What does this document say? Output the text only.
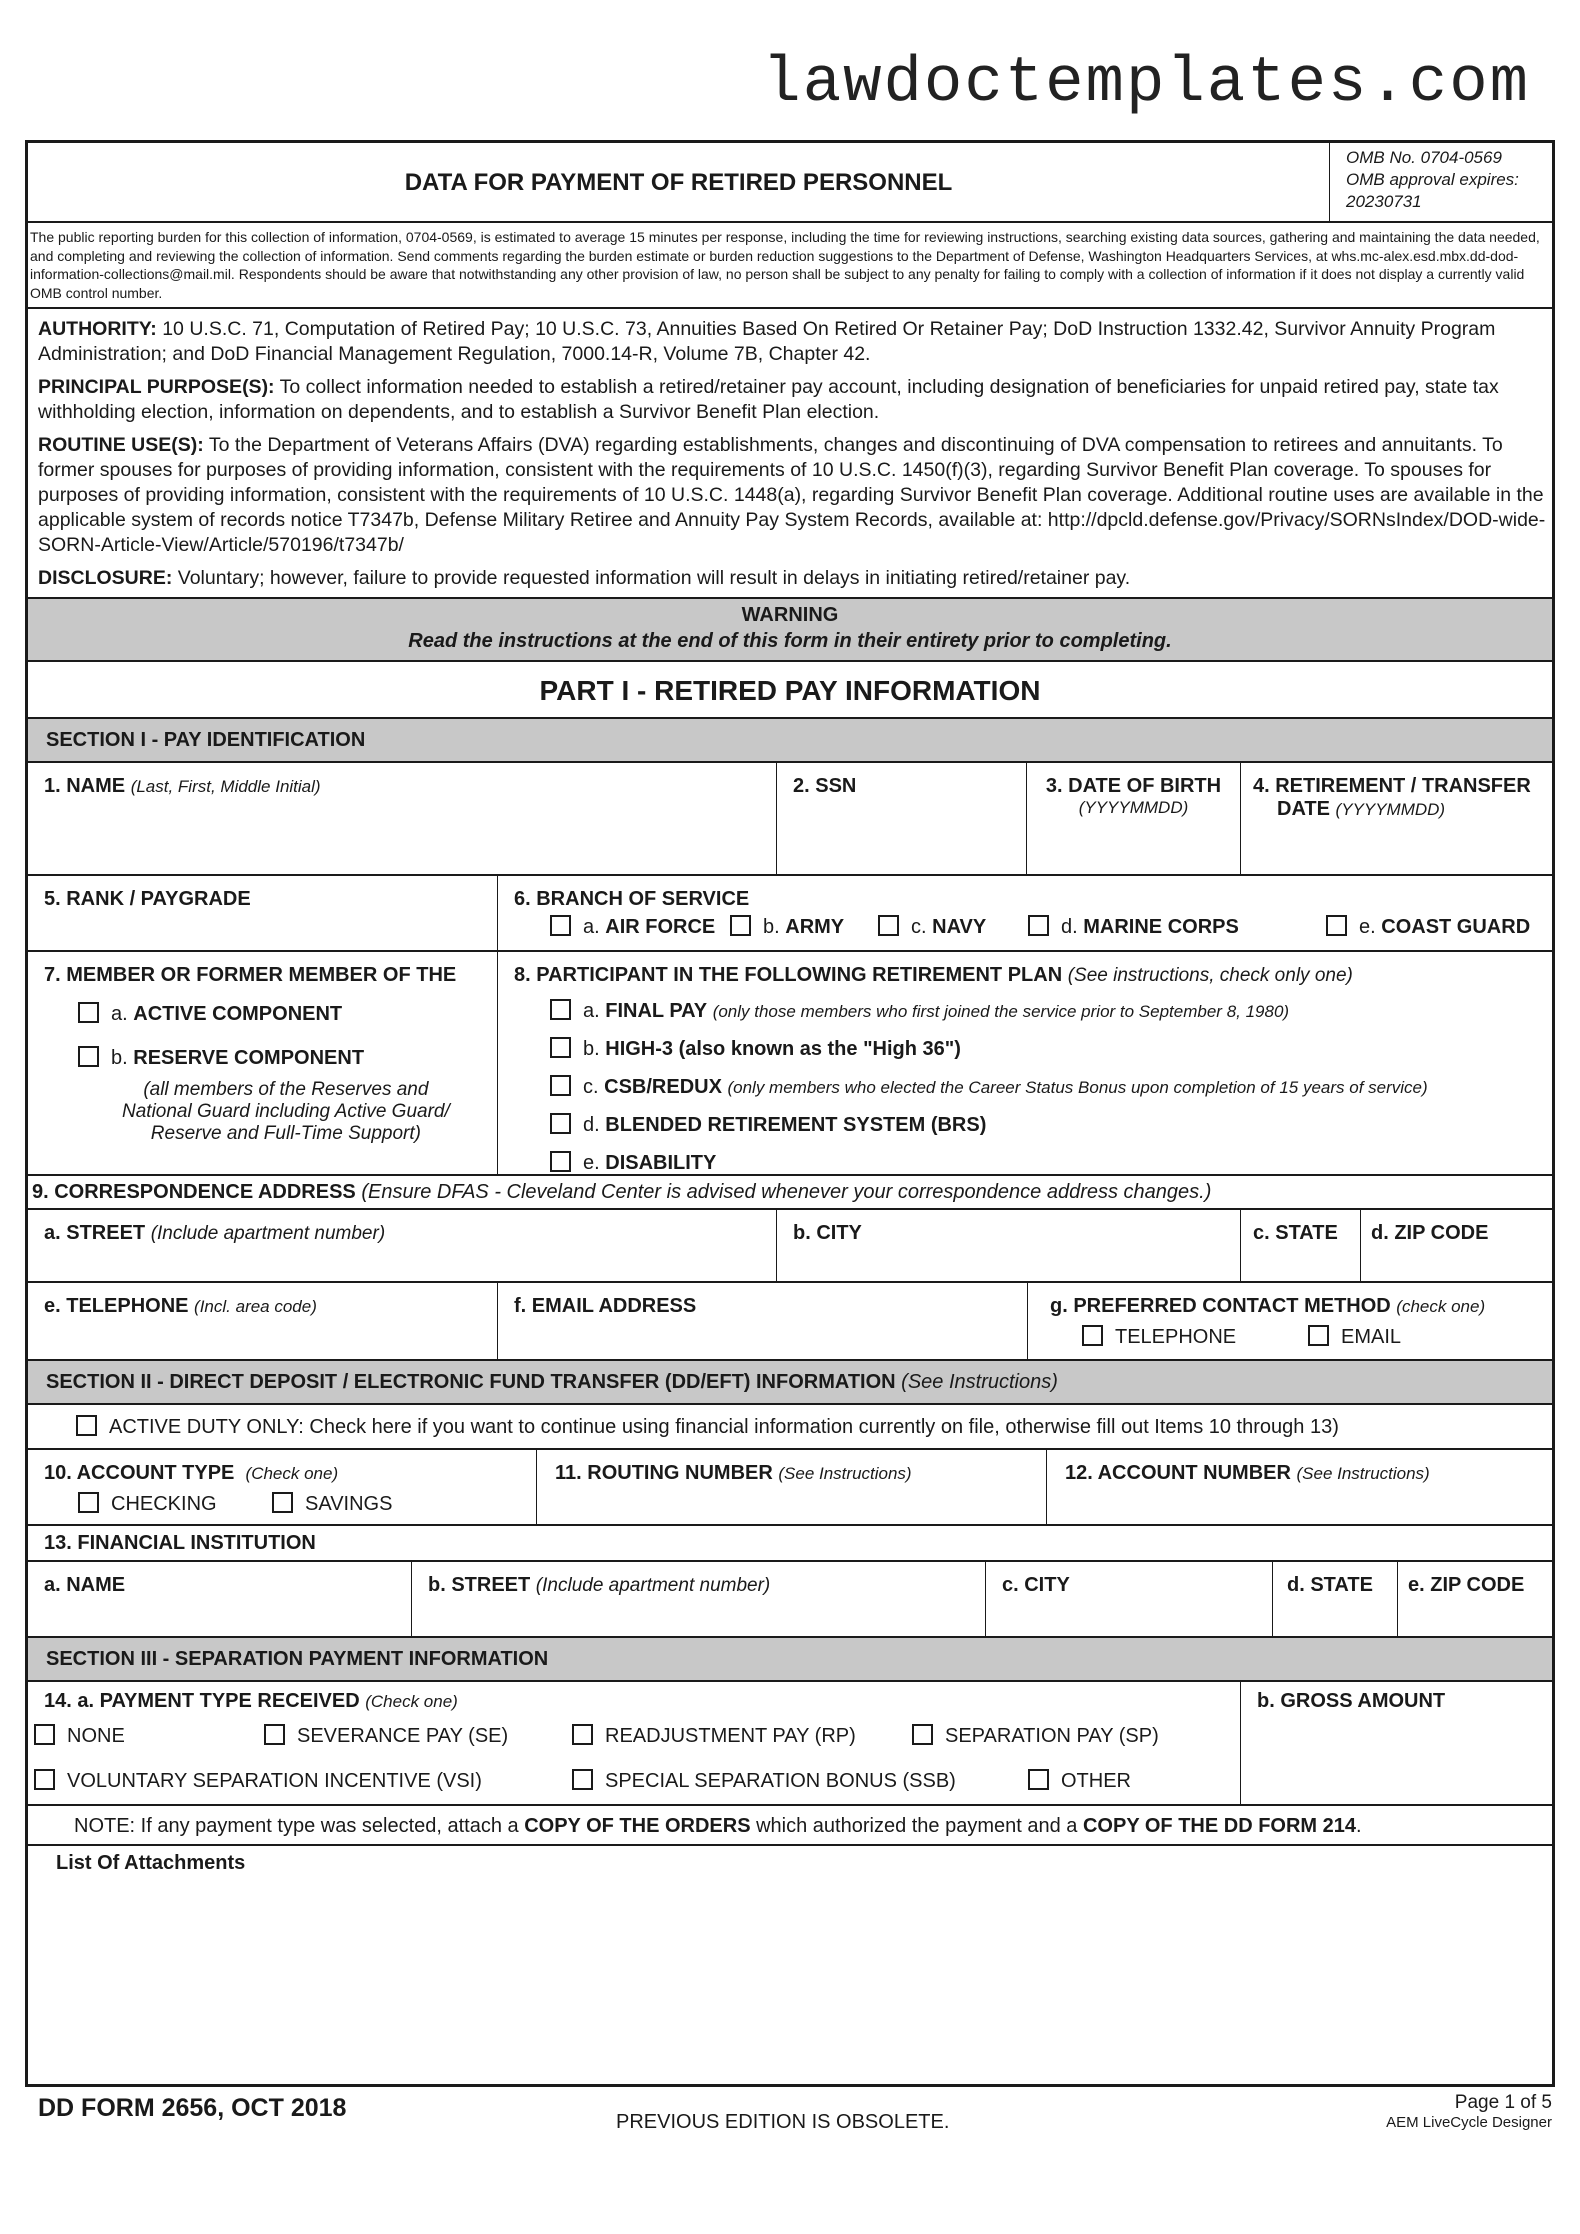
lawdoctemplates.com
DATA FOR PAYMENT OF RETIRED PERSONNEL
OMB No. 0704-0569
OMB approval expires:
20230731
The public reporting burden for this collection of information, 0704-0569, is estimated to average 15 minutes per response, including the time for reviewing instructions, searching existing data sources, gathering and maintaining the data needed, and completing and reviewing the collection of information. Send comments regarding the burden estimate or burden reduction suggestions to the Department of Defense, Washington Headquarters Services, at whs.mc-alex.esd.mbx.dd-dod-information-collections@mail.mil. Respondents should be aware that notwithstanding any other provision of law, no person shall be subject to any penalty for failing to comply with a collection of information if it does not display a currently valid OMB control number.

AUTHORITY: 10 U.S.C. 71, Computation of Retired Pay; 10 U.S.C. 73, Annuities Based On Retired Or Retainer Pay; DoD Instruction 1332.42, Survivor Annuity Program Administration; and DoD Financial Management Regulation, 7000.14-R, Volume 7B, Chapter 42.

PRINCIPAL PURPOSE(S): To collect information needed to establish a retired/retainer pay account, including designation of beneficiaries for unpaid retired pay, state tax withholding election, information on dependents, and to establish a Survivor Benefit Plan election.

ROUTINE USE(S): To the Department of Veterans Affairs (DVA) regarding establishments, changes and discontinuing of DVA compensation to retirees and annuitants. To former spouses for purposes of providing information, consistent with the requirements of 10 U.S.C. 1450(f)(3), regarding Survivor Benefit Plan coverage. To spouses for purposes of providing information, consistent with the requirements of 10 U.S.C. 1448(a), regarding Survivor Benefit Plan coverage. Additional routine uses are available in the applicable system of records notice T7347b, Defense Military Retiree and Annuity Pay System Records, available at: http://dpcld.defense.gov/Privacy/SORNsIndex/DOD-wide-SORN-Article-View/Article/570196/t7347b/

DISCLOSURE: Voluntary; however, failure to provide requested information will result in delays in initiating retired/retainer pay.

WARNING
Read the instructions at the end of this form in their entirety prior to completing.
PART I - RETIRED PAY INFORMATION
SECTION I - PAY IDENTIFICATION
1. NAME (Last, First, Middle Initial)	2. SSN	3. DATE OF BIRTH
(YYYYMMDD)
4. RETIREMENT / TRANSFER
DATE (YYYYMMDD)
5. RANK / PAYGRADE	6. BRANCH OF SERVICE
a. AIR FORCE	b. ARMY	c. NAVY	d. MARINE CORPS	e. COAST GUARD
7. MEMBER OR FORMER MEMBER OF THE
a. ACTIVE COMPONENT
b. RESERVE COMPONENT
(all members of the Reserves and
National Guard including Active Guard/
Reserve and Full-Time Support)
8. PARTICIPANT IN THE FOLLOWING RETIREMENT PLAN (See instructions, check only one)
a. FINAL PAY (only those members who first joined the service prior to September 8, 1980)
b. HIGH-3 (also known as the "High 36")
c. CSB/REDUX (only members who elected the Career Status Bonus upon completion of 15 years of service)
d. BLENDED RETIREMENT SYSTEM (BRS)
e. DISABILITY
9. CORRESPONDENCE ADDRESS (Ensure DFAS - Cleveland Center is advised whenever your correspondence address changes.)
a. STREET (Include apartment number)	b. CITY	c. STATE d. ZIP CODE
e. TELEPHONE (Incl. area code)	f. EMAIL ADDRESS	g. PREFERRED CONTACT METHOD (check one)
TELEPHONE	EMAIL
SECTION II - DIRECT DEPOSIT / ELECTRONIC FUND TRANSFER (DD/EFT) INFORMATION (See Instructions)
ACTIVE DUTY ONLY: Check here if you want to continue using financial information currently on file, otherwise fill out Items 10 through 13)
10. ACCOUNT TYPE (Check one)
CHECKING	SAVINGS
11. ROUTING NUMBER (See Instructions)	12. ACCOUNT NUMBER (See Instructions)
13. FINANCIAL INSTITUTION
a. NAME	b. STREET (Include apartment number)	c. CITY	d. STATE e. ZIP CODE
SECTION III - SEPARATION PAYMENT INFORMATION
14. a. PAYMENT TYPE RECEIVED (Check one)
NONE	SEVERANCE PAY (SE)	READJUSTMENT PAY (RP)	SEPARATION PAY (SP)
VOLUNTARY SEPARATION INCENTIVE (VSI)	SPECIAL SEPARATION BONUS (SSB)	OTHER
b. GROSS AMOUNT
NOTE: If any payment type was selected, attach a COPY OF THE ORDERS which authorized the payment and a COPY OF THE DD FORM 214.
List Of Attachments
DD FORM 2656, OCT 2018	PREVIOUS EDITION IS OBSOLETE.
Page 1 of 5
AEM LiveCycle Designer
